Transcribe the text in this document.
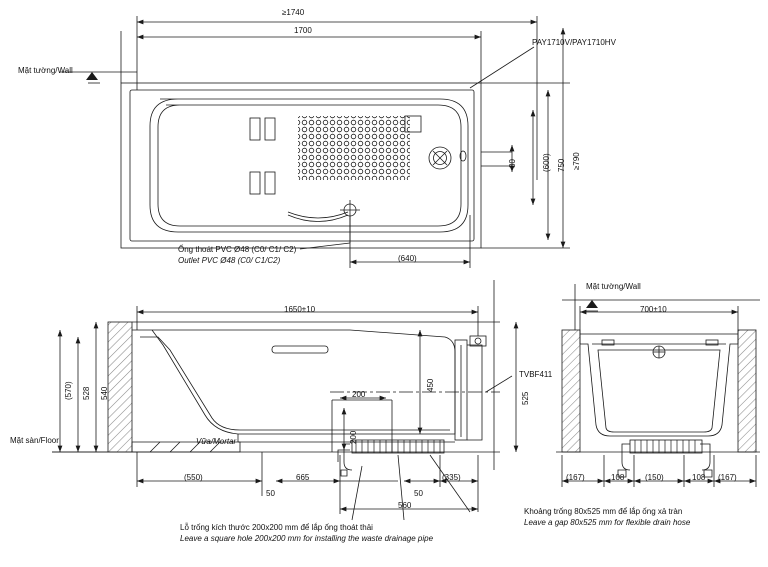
≥1740
1700
Mặt tường/Wall
PAY1710V/PAY1710HV
≥790
750
(600)
80
(640)
Ống thoát PVC Ø48 (C0/ C1/ C2)
Outlet PVC Ø48 (C0/ C1/C2)
1650±10
Mặt tường/Wall
700±10
(570) 528 540
Mặt sàn/Floor
450
525
200
200
Vữa/Mortar
TVBF411
(550)
50
665
50
(335)
560
(167)	108	(150)	108 (167)
Khoảng trống 80x525 mm để lắp ống xả tràn
Leave a gap 80x525 mm for flexible drain hose
Lỗ trống kích thước 200x200 mm để lắp ống thoát thải
Leave a square hole 200x200 mm for installing the waste drainage pipe
